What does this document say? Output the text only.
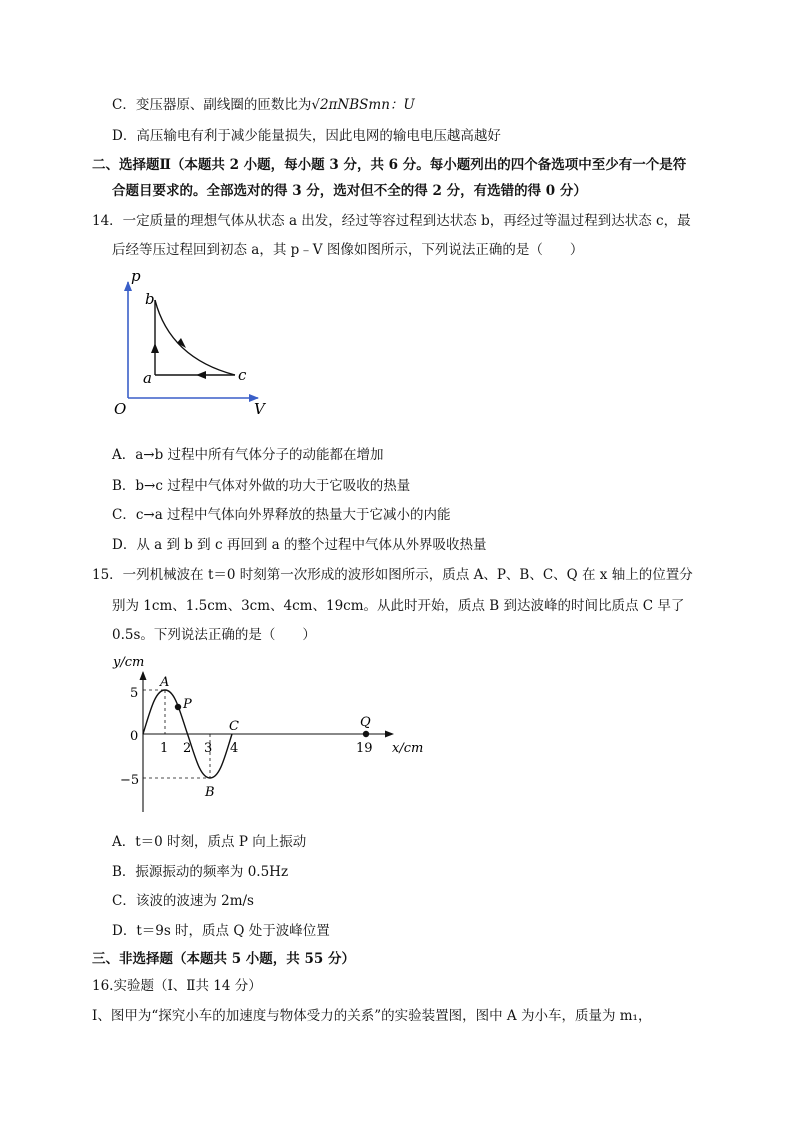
C．变压器原、副线圈的匝数比为√2πNBSmn：U
D．高压输电有利于减少能量损失，因此电网的输电电压越高越好
二、选择题Ⅱ（本题共 2 小题，每小题 3 分，共 6 分。每小题列出的四个备选项中至少有一个是符
合题目要求的。全部选对的得 3 分，选对但不全的得 2 分，有选错的得 0 分）
14．一定质量的理想气体从状态 a 出发，经过等容过程到达状态 b，再经过等温过程到达状态 c，最
后经等压过程回到初态 a，其 p﹣V 图像如图所示，下列说法正确的是（　　）
p
V
O
a
b
c
A．a→b 过程中所有气体分子的动能都在增加
B．b→c 过程中气体对外做的功大于它吸收的热量
C．c→a 过程中气体向外界释放的热量大于它减小的内能
D．从 a 到 b 到 c 再回到 a 的整个过程中气体从外界吸收热量
15．一列机械波在 t＝0 时刻第一次形成的波形如图所示，质点 A、P、B、C、Q 在 x 轴上的位置分
别为 1cm、1.5cm、3cm、4cm、19cm。从此时开始，质点 B 到达波峰的时间比质点 C 早了
0.5s。下列说法正确的是（　　）
y/cm
x/cm
5
0
−5
1 2 3 4	19
A
P
B
C	Q
A．t＝0 时刻，质点 P 向上振动
B．振源振动的频率为 0.5Hz
C．该波的波速为 2m/s
D．t＝9s 时，质点 Q 处于波峰位置
三、非选择题（本题共 5 小题，共 55 分）
16.实验题（Ⅰ、Ⅱ共 14 分）
Ⅰ、图甲为“探究小车的加速度与物体受力的关系”的实验装置图，图中 A 为小车，质量为 m₁，
